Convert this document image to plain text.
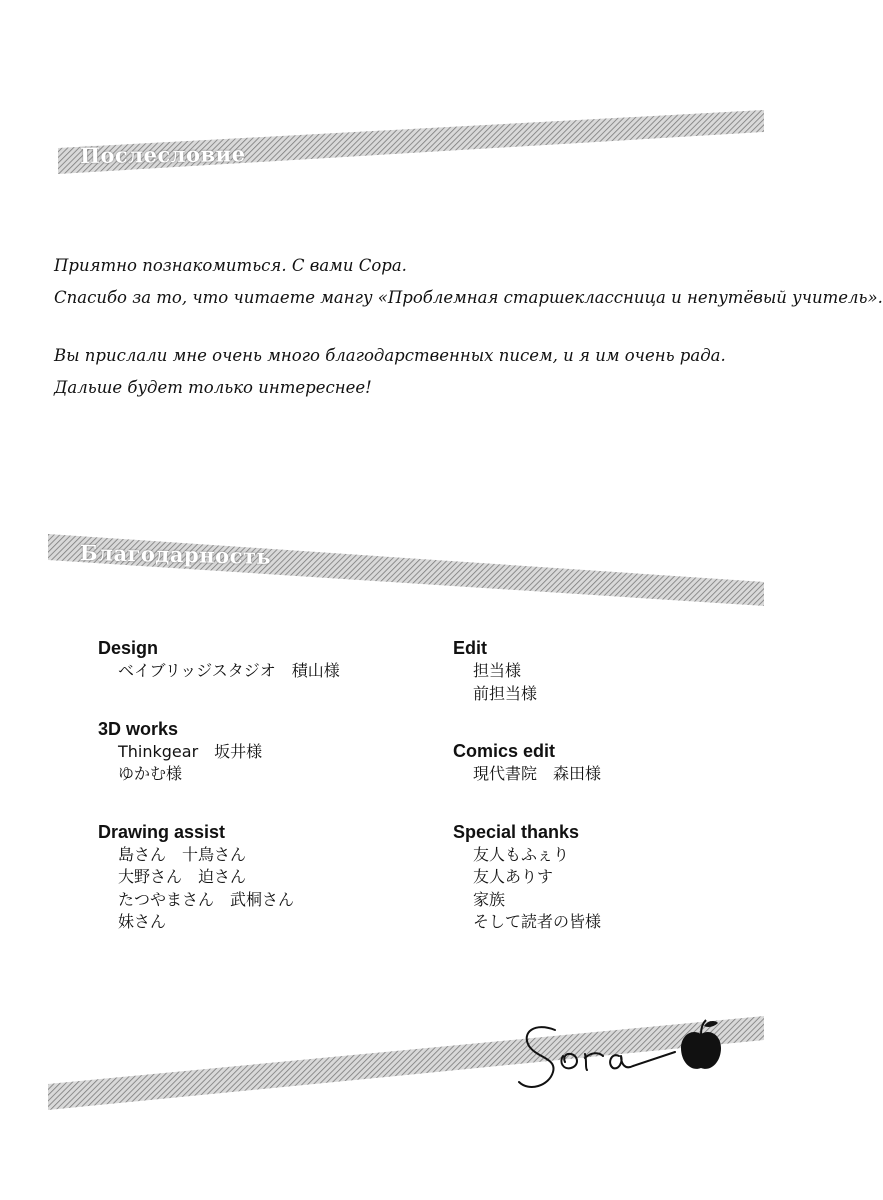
Послесловие
Приятно познакомиться. С вами Сора.
Спасибо за то, что читаете мангу «Проблемная старшеклассница и непутёвый учитель».
Вы прислали мне очень много благодарственных писем, и я им очень рада.
Дальше будет только интереснее!
Благодарность
Design
ベイブリッジスタジオ　積山様
3D works
Thinkgear　坂井様
ゆかむ様
Drawing assist
島さん　十鳥さん
大野さん　迫さん
たつやまさん　武桐さん
妹さん
Edit
担当様
前担当様
Comics edit
現代書院　森田様
Special thanks
友人もふぇり
友人ありす
家族
そして読者の皆様
